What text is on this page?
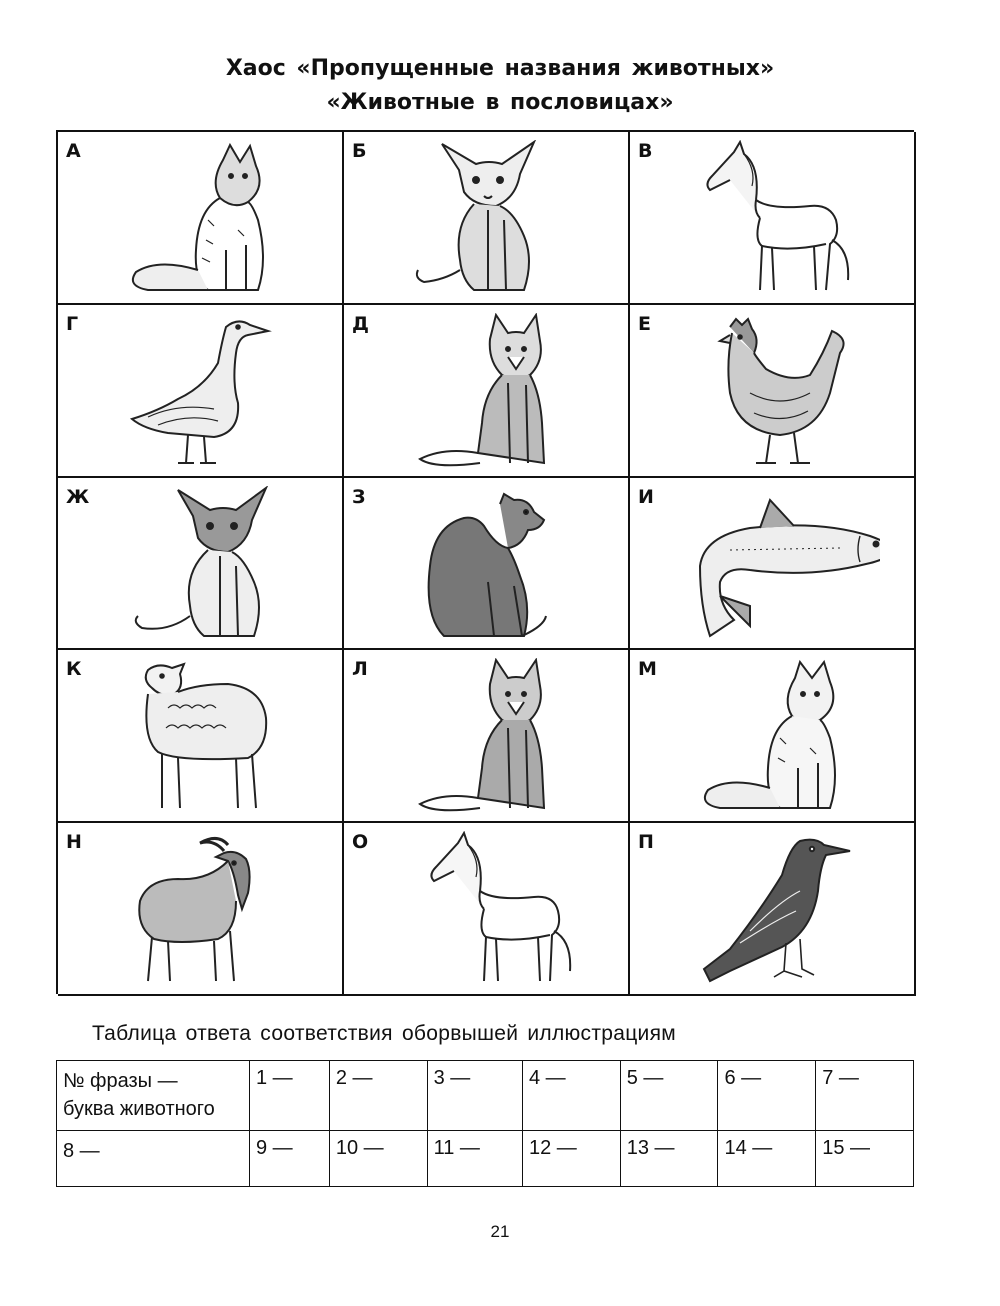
Хаос «Пропущенные названия животных»
«Животные в пословицах»
А	Б	В
Г	Д	Е
Ж	З	И
К	Л	М
Н	О	П
Таблица ответа соответствия оборвышей иллюстрациям
№ фразы —
буква животного	1 —	2 —	3 —	4 —	5 —	6 —	7 —
8 —	9 —	10 —	11 —	12 —	13 —	14 —	15 —
21
